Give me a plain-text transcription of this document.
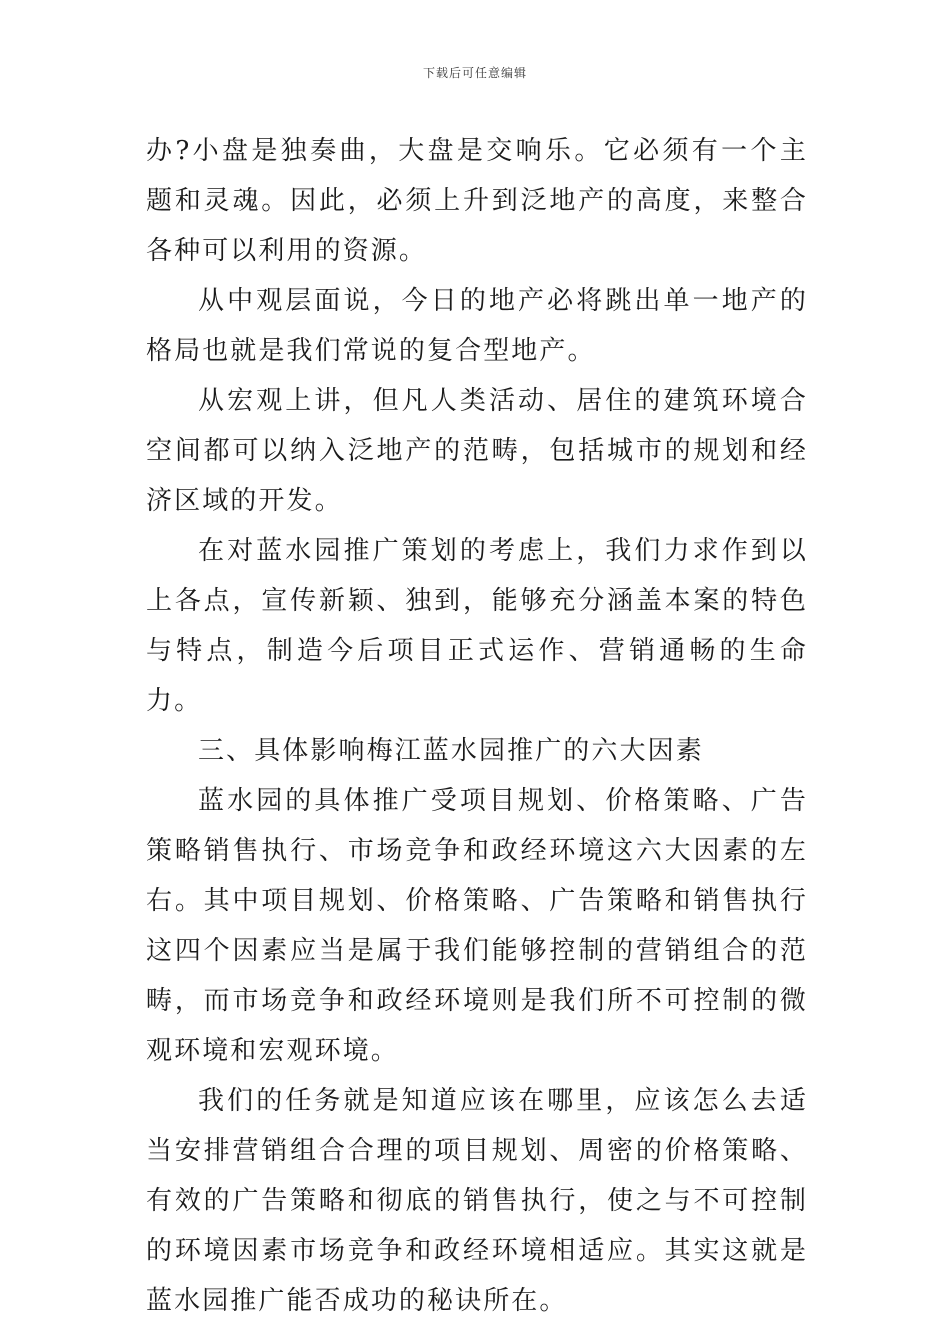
下载后可任意编辑

办?小盘是独奏曲，大盘是交响乐。它必须有一个主题和灵魂。因此，必须上升到泛地产的高度，来整合各种可以利用的资源。

从中观层面说，今日的地产必将跳出单一地产的格局也就是我们常说的复合型地产。

从宏观上讲，但凡人类活动、居住的建筑环境合空间都可以纳入泛地产的范畴，包括城市的规划和经济区域的开发。

在对蓝水园推广策划的考虑上，我们力求作到以上各点，宣传新颖、独到，能够充分涵盖本案的特色与特点，制造今后项目正式运作、营销通畅的生命力。

三、具体影响梅江蓝水园推广的六大因素

蓝水园的具体推广受项目规划、价格策略、广告策略销售执行、市场竞争和政经环境这六大因素的左右。其中项目规划、价格策略、广告策略和销售执行这四个因素应当是属于我们能够控制的营销组合的范畴，而市场竞争和政经环境则是我们所不可控制的微观环境和宏观环境。

我们的任务就是知道应该在哪里，应该怎么去适当安排营销组合合理的项目规划、周密的价格策略、有效的广告策略和彻底的销售执行，使之与不可控制的环境因素市场竞争和政经环境相适应。其实这就是蓝水园推广能否成功的秘诀所在。
